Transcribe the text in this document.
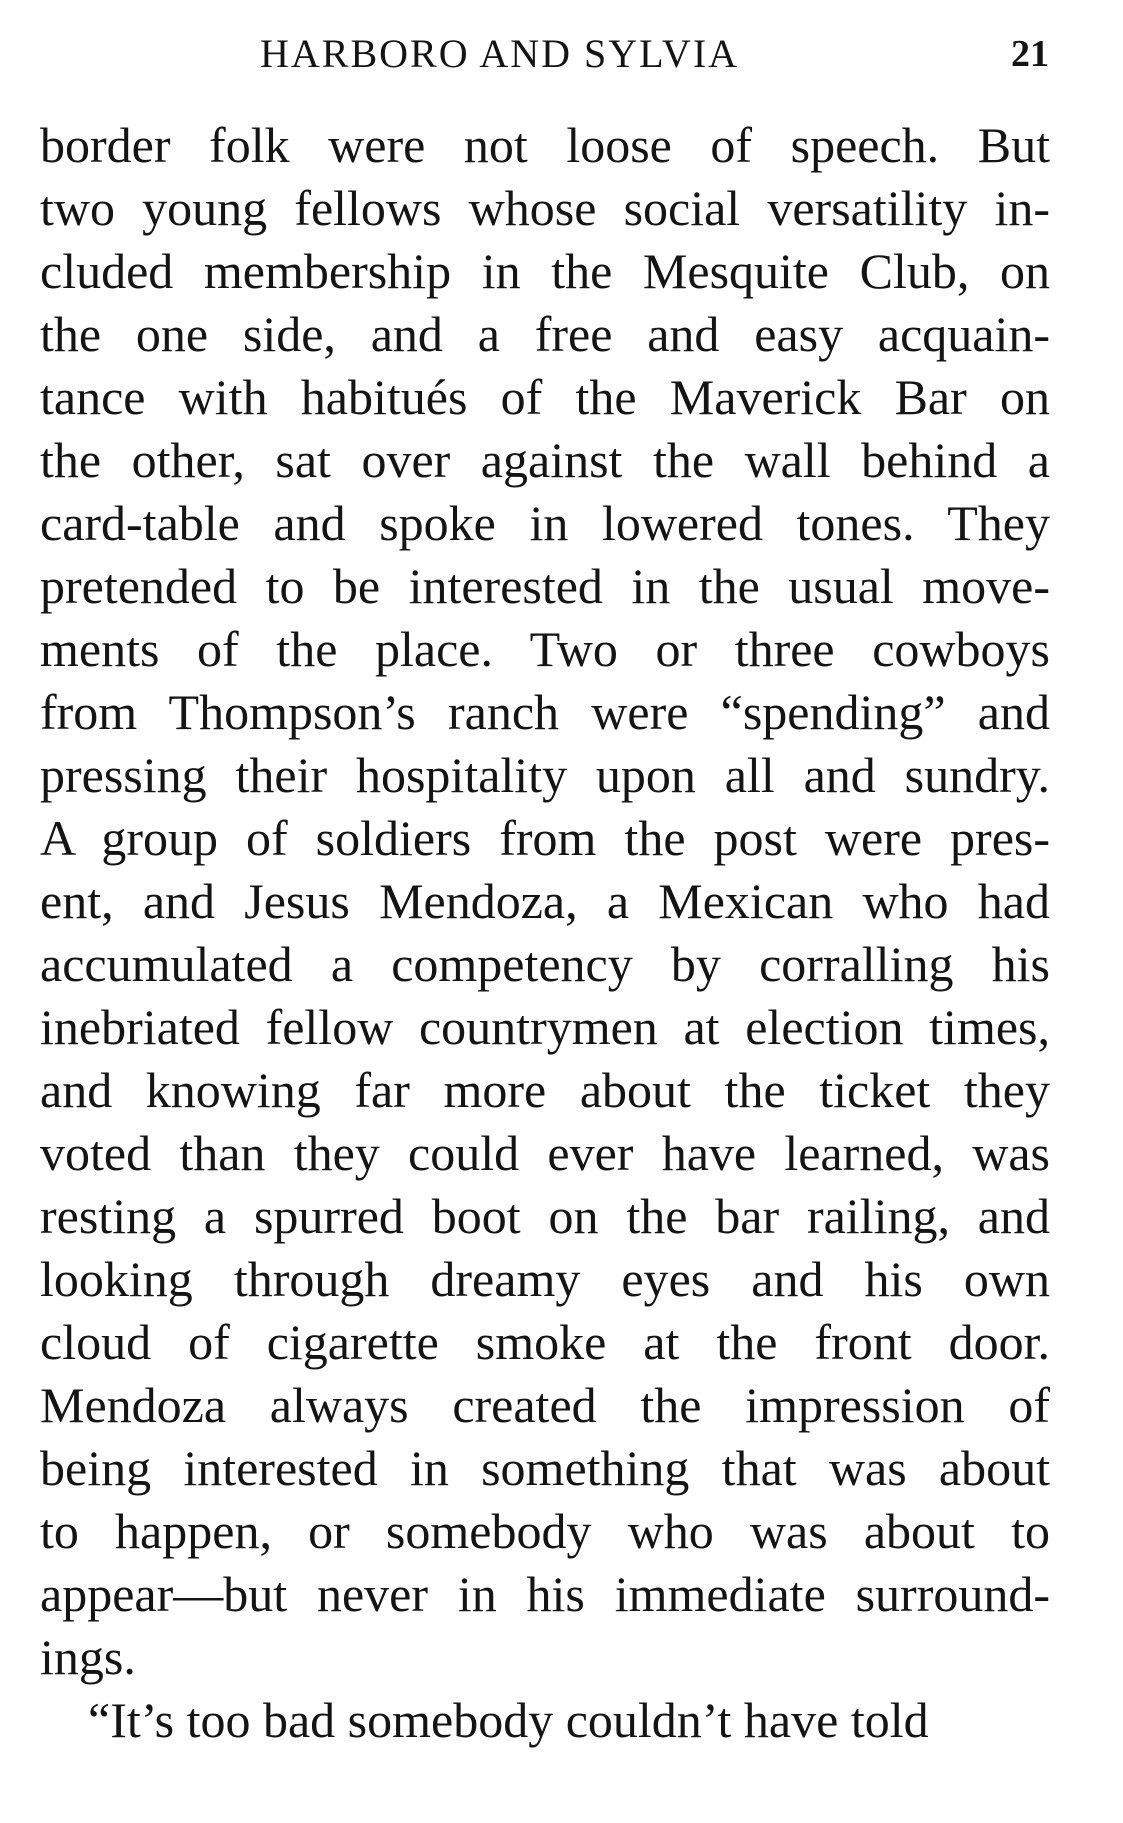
HARBORO AND SYLVIA	21
border folk were not loose of speech. But
two young fellows whose social versatility in-
cluded membership in the Mesquite Club, on
the one side, and a free and easy acquain-
tance with habitués of the Maverick Bar on
the other, sat over against the wall behind a
card-table and spoke in lowered tones. They
pretended to be interested in the usual move-
ments of the place. Two or three cowboys
from Thompson’s ranch were “spending” and
pressing their hospitality upon all and sundry.
A group of soldiers from the post were pres-
ent, and Jesus Mendoza, a Mexican who had
accumulated a competency by corralling his
inebriated fellow countrymen at election times,
and knowing far more about the ticket they
voted than they could ever have learned, was
resting a spurred boot on the bar railing, and
looking through dreamy eyes and his own
cloud of cigarette smoke at the front door.
Mendoza always created the impression of
being interested in something that was about
to happen, or somebody who was about to
appear—but never in his immediate surround-
ings.
“It’s too bad somebody couldn’t have told
